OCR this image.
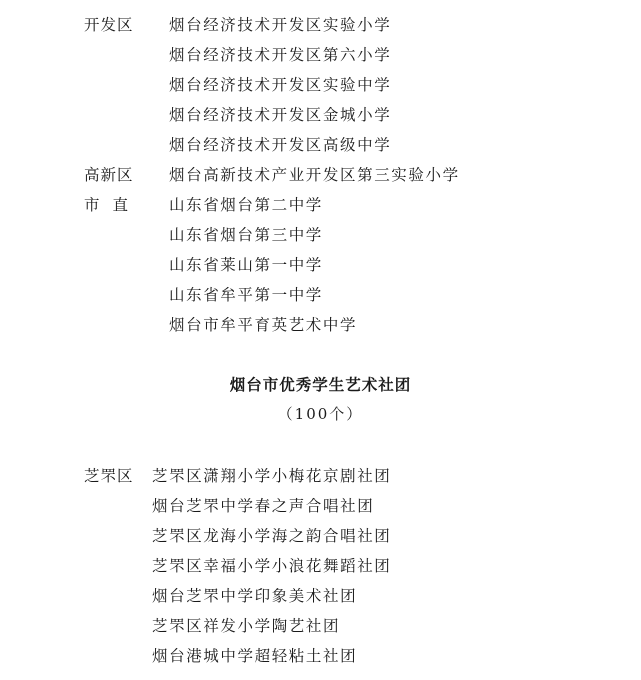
开发区 烟台经济技术开发区实验小学
烟台经济技术开发区第六小学
烟台经济技术开发区实验中学
烟台经济技术开发区金城小学
烟台经济技术开发区高级中学
高新区 烟台高新技术产业开发区第三实验小学
市直 山东省烟台第二中学
山东省烟台第三中学
山东省莱山第一中学
山东省牟平第一中学
烟台市牟平育英艺术中学
烟台市优秀学生艺术社团
（100个）
芝罘区 芝罘区潇翔小学小梅花京剧社团
烟台芝罘中学春之声合唱社团
芝罘区龙海小学海之韵合唱社团
芝罘区幸福小学小浪花舞蹈社团
烟台芝罘中学印象美术社团
芝罘区祥发小学陶艺社团
烟台港城中学超轻粘土社团
